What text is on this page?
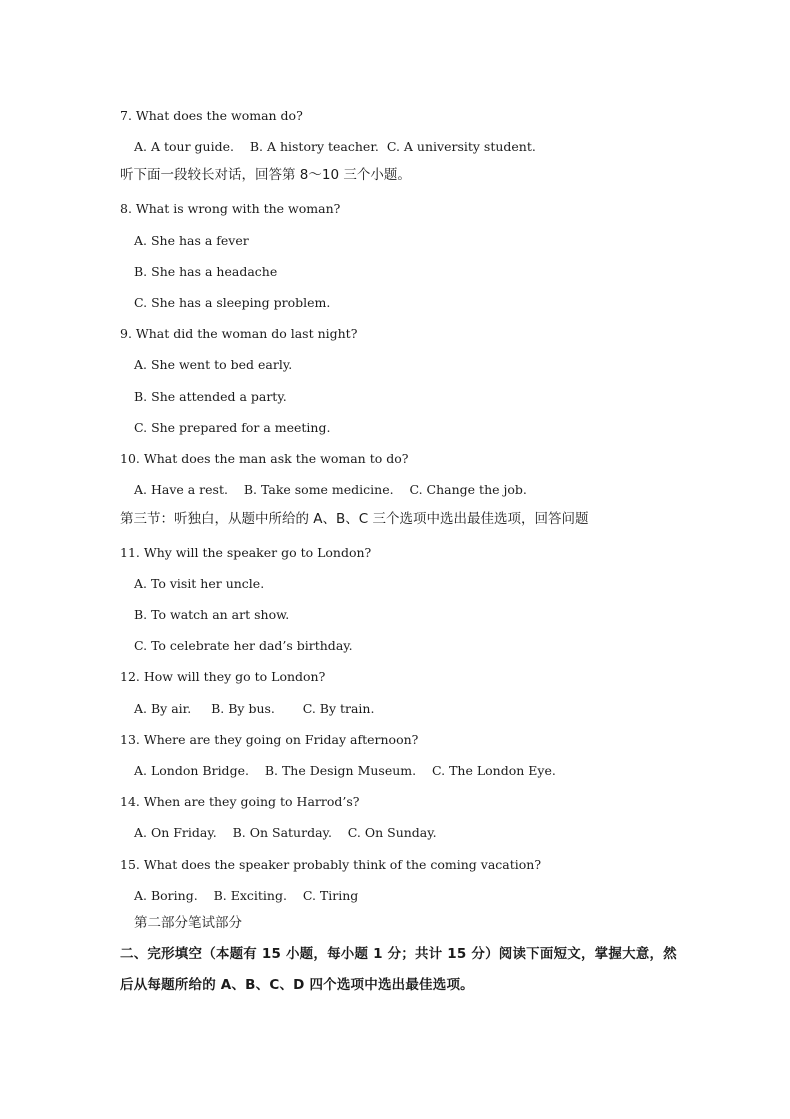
7. What does the woman do?
A. A tour guide.    B. A history teacher.  C. A university student.
听下面一段较长对话，回答第 8～10 三个小题。
8. What is wrong with the woman?
A. She has a fever
B. She has a headache
C. She has a sleeping problem.
9. What did the woman do last night?
A. She went to bed early.
B. She attended a party.
C. She prepared for a meeting.
10. What does the man ask the woman to do?
A. Have a rest.    B. Take some medicine.    C. Change the job.
第三节：听独白，从题中所给的 A、B、C 三个选项中选出最佳选项，回答问题
11. Why will the speaker go to London?
A. To visit her uncle.
B. To watch an art show.
C. To celebrate her dad’s birthday.
12. How will they go to London?
A. By air.     B. By bus.       C. By train.
13. Where are they going on Friday afternoon?
A. London Bridge.    B. The Design Museum.    C. The London Eye.
14. When are they going to Harrod’s?
A. On Friday.    B. On Saturday.    C. On Sunday.
15. What does the speaker probably think of the coming vacation?
A. Boring.    B. Exciting.    C. Tiring
第二部分笔试部分
二、完形填空（本题有 15 小题，每小题 1 分；共计 15 分）阅读下面短文，掌握大意，然
后从每题所给的 A、B、C、D 四个选项中选出最佳选项。
